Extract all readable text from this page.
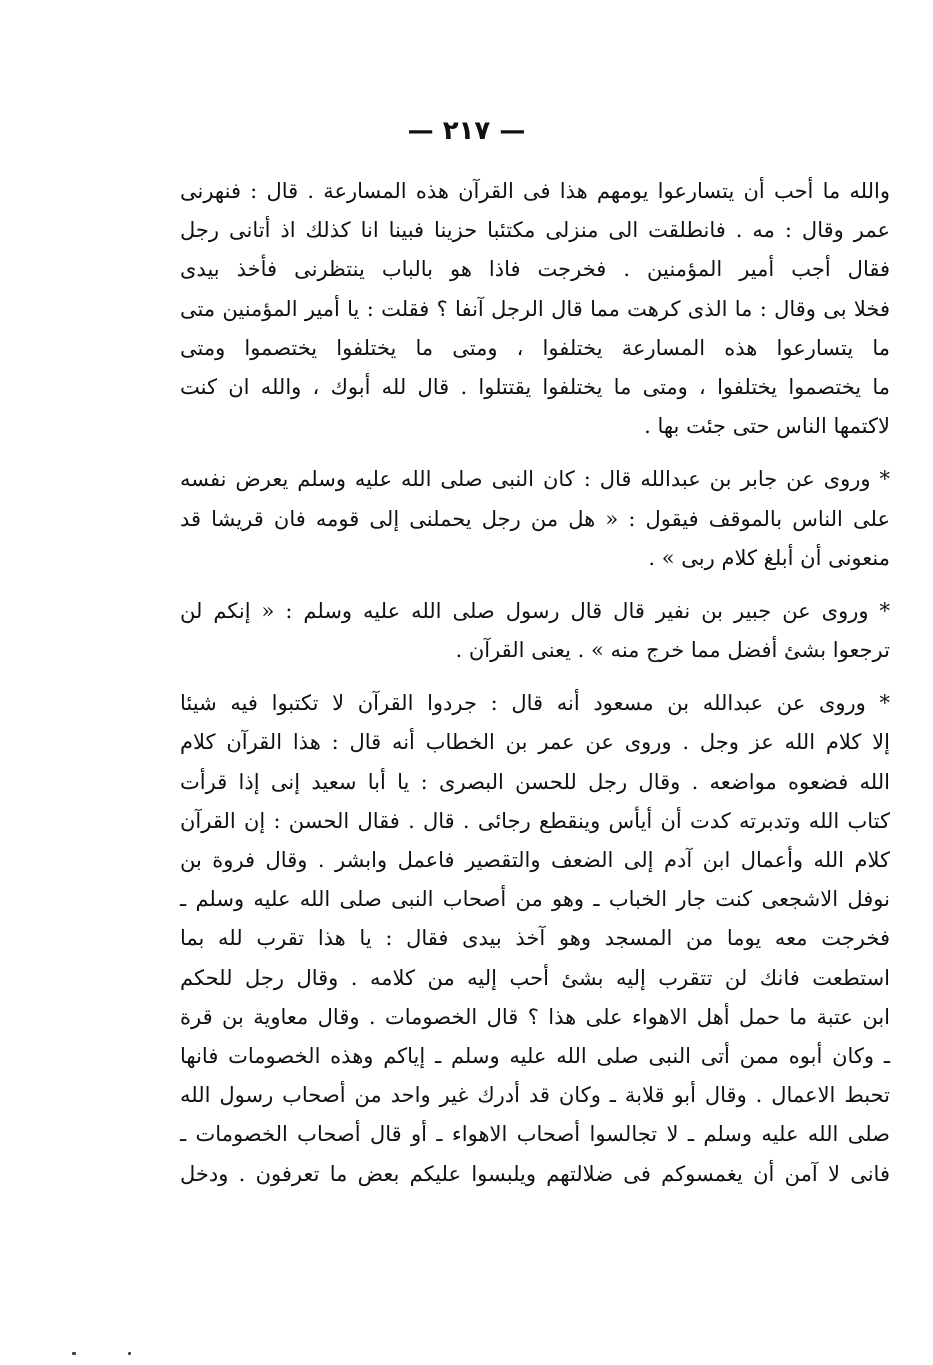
— ٢١٧ —
والله ما أحب أن يتسارعوا يومهم هذا فى القرآن هذه المسارعة . قال : فنهرنى
عمر وقال : مه . فانطلقت الى منزلى مكتئبا حزينا فبينا انا كذلك اذ أتانى رجل
فقال أجب أمير المؤمنين . فخرجت فاذا هو بالباب ينتظرنى فأخذ بيدى
فخلا بى وقال : ما الذى كرهت مما قال الرجل آنفا ؟ فقلت : يا أمير المؤمنين متى
ما يتسارعوا هذه المسارعة يختلفوا ، ومتى ما يختلفوا يختصموا ومتى
ما يختصموا يختلفوا ، ومتى ما يختلفوا يقتتلوا . قال لله أبوك ، والله ان كنت
لاكتمها الناس حتى جئت بها .
* وروى عن جابر بن عبدالله قال : كان النبى صلى الله عليه وسلم يعرض نفسه
على الناس بالموقف فيقول : « هل من رجل يحملنى إلى قومه فان قريشا قد
منعونى أن أبلغ كلام ربى » .
* وروى عن جبير بن نفير قال قال رسول صلى الله عليه وسلم : « إنكم لن
ترجعوا بشئ أفضل مما خرج منه » . يعنى القرآن .
* وروى عن عبدالله بن مسعود أنه قال : جردوا القرآن لا تكتبوا فيه شيئا
إلا كلام الله عز وجل . وروى عن عمر بن الخطاب أنه قال : هذا القرآن كلام
الله فضعوه مواضعه . وقال رجل للحسن البصرى : يا أبا سعيد إنى إذا قرأت
كتاب الله وتدبرته كدت أن أيأس وينقطع رجائى . قال . فقال الحسن : إن القرآن
كلام الله وأعمال ابن آدم إلى الضعف والتقصير فاعمل وابشر . وقال فروة بن
نوفل الاشجعى كنت جار الخباب ـ وهو من أصحاب النبى صلى الله عليه وسلم ـ
فخرجت معه يوما من المسجد وهو آخذ بيدى فقال : يا هذا تقرب لله بما
استطعت فانك لن تتقرب إليه بشئ أحب إليه من كلامه . وقال رجل للحكم
ابن عتبة ما حمل أهل الاهواء على هذا ؟ قال الخصومات . وقال معاوية بن قرة
ـ وكان أبوه ممن أتى النبى صلى الله عليه وسلم ـ إياكم وهذه الخصومات فانها
تحبط الاعمال . وقال أبو قلابة ـ وكان قد أدرك غير واحد من أصحاب رسول الله
صلى الله عليه وسلم ـ لا تجالسوا أصحاب الاهواء ـ أو قال أصحاب الخصومات ـ
فانى لا آمن أن يغمسوكم فى ضلالتهم ويلبسوا عليكم بعض ما تعرفون . ودخل
